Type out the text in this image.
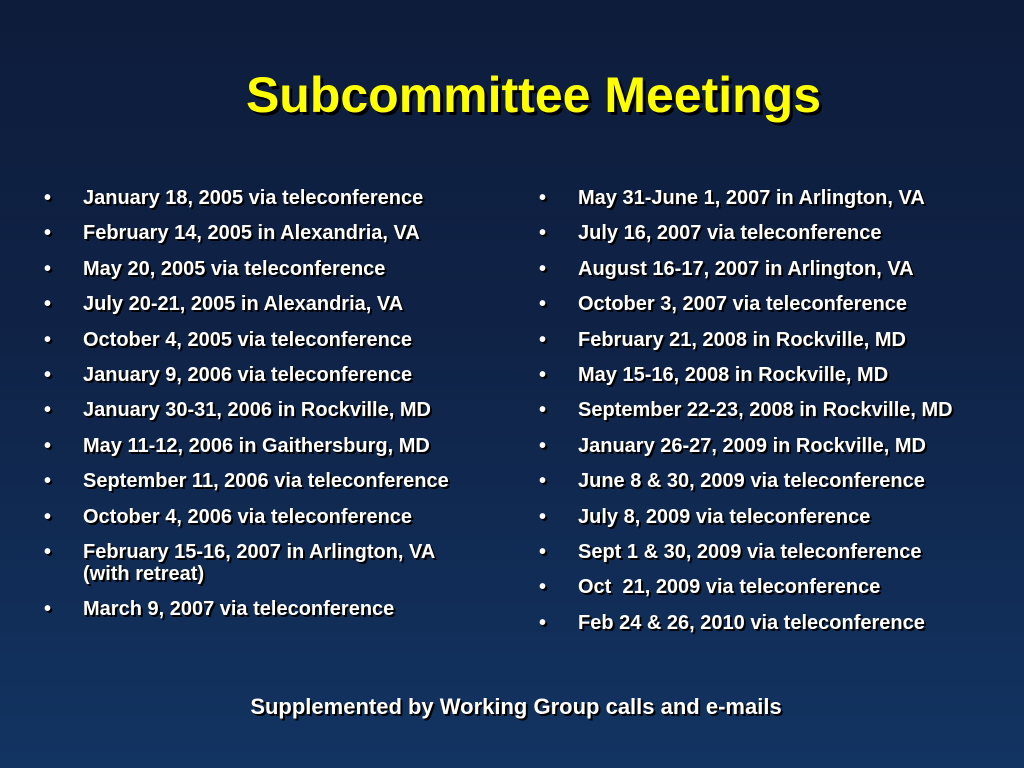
Subcommittee Meetings
•	January 18, 2005 via teleconference
•	February 14, 2005 in Alexandria, VA
•	May 20, 2005 via teleconference
•	July 20-21, 2005 in Alexandria, VA
•	October 4, 2005 via teleconference
•	January 9, 2006 via teleconference
•	January 30-31, 2006 in Rockville, MD
•	May 11-12, 2006 in Gaithersburg, MD
•	September 11, 2006 via teleconference
•	October 4, 2006 via teleconference
•	February 15-16, 2007 in Arlington, VA
(with retreat)
•	March 9, 2007 via teleconference
•	May 31-June 1, 2007 in Arlington, VA
•	July 16, 2007 via teleconference
•	August 16-17, 2007 in Arlington, VA
•	October 3, 2007 via teleconference
•	February 21, 2008 in Rockville, MD
•	May 15-16, 2008 in Rockville, MD
•	September 22-23, 2008 in Rockville, MD
•	January 26-27, 2009 in Rockville, MD
•	June 8 & 30, 2009 via teleconference
•	July 8, 2009 via teleconference
•	Sept 1 & 30, 2009 via teleconference
•	Oct  21, 2009 via teleconference
•	Feb 24 & 26, 2010 via teleconference

Supplemented by Working Group calls and e-mails
